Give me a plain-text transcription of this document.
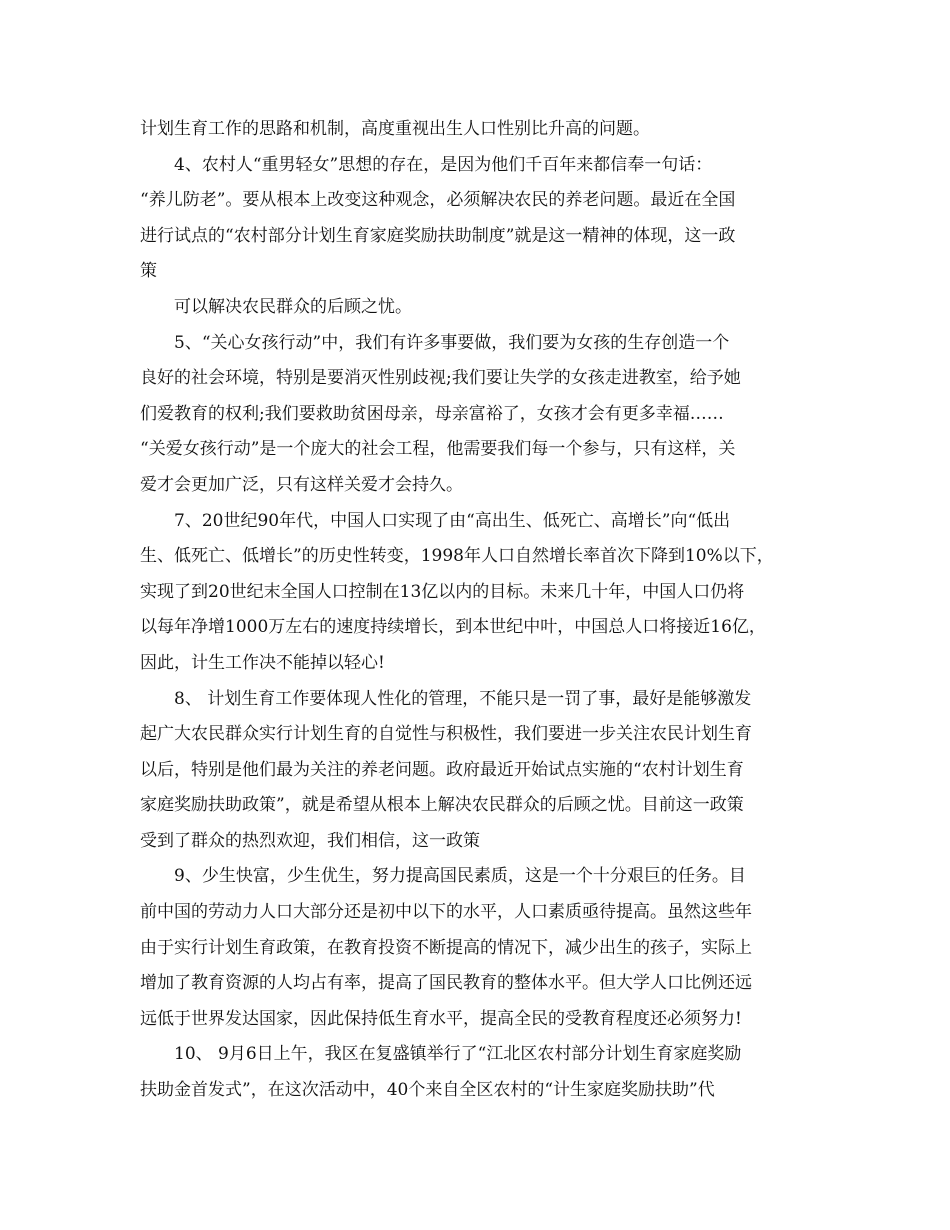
计划生育工作的思路和机制，高度重视出生人口性别比升高的问题。
4、农村人“重男轻女”思想的存在，是因为他们千百年来都信奉一句话：
“养儿防老”。要从根本上改变这种观念，必须解决农民的养老问题。最近在全国
进行试点的“农村部分计划生育家庭奖励扶助制度”就是这一精神的体现，这一政
策
可以解决农民群众的后顾之忧。
5、“关心女孩行动”中，我们有许多事要做，我们要为女孩的生存创造一个
良好的社会环境，特别是要消灭性别歧视;我们要让失学的女孩走进教室，给予她
们爱教育的权利;我们要救助贫困母亲，母亲富裕了，女孩才会有更多幸福……
“关爱女孩行动”是一个庞大的社会工程，他需要我们每一个参与，只有这样，关
爱才会更加广泛，只有这样关爱才会持久。
7、20世纪90年代，中国人口实现了由“高出生、低死亡、高增长”向“低出
生、低死亡、低增长”的历史性转变，1998年人口自然增长率首次下降到10%以下，
实现了到20世纪末全国人口控制在13亿以内的目标。未来几十年，中国人口仍将
以每年净增1000万左右的速度持续增长，到本世纪中叶，中国总人口将接近16亿，
因此，计生工作决不能掉以轻心!
8、 计划生育工作要体现人性化的管理，不能只是一罚了事，最好是能够激发
起广大农民群众实行计划生育的自觉性与积极性，我们要进一步关注农民计划生育
以后，特别是他们最为关注的养老问题。政府最近开始试点实施的“农村计划生育
家庭奖励扶助政策”，就是希望从根本上解决农民群众的后顾之忧。目前这一政策
受到了群众的热烈欢迎，我们相信，这一政策
9、少生快富，少生优生，努力提高国民素质，这是一个十分艰巨的任务。目
前中国的劳动力人口大部分还是初中以下的水平，人口素质亟待提高。虽然这些年
由于实行计划生育政策，在教育投资不断提高的情况下，减少出生的孩子，实际上
增加了教育资源的人均占有率，提高了国民教育的整体水平。但大学人口比例还远
远低于世界发达国家，因此保持低生育水平，提高全民的受教育程度还必须努力!
10、 9月6日上午，我区在复盛镇举行了“江北区农村部分计划生育家庭奖励
扶助金首发式”，在这次活动中，40个来自全区农村的“计生家庭奖励扶助”代
